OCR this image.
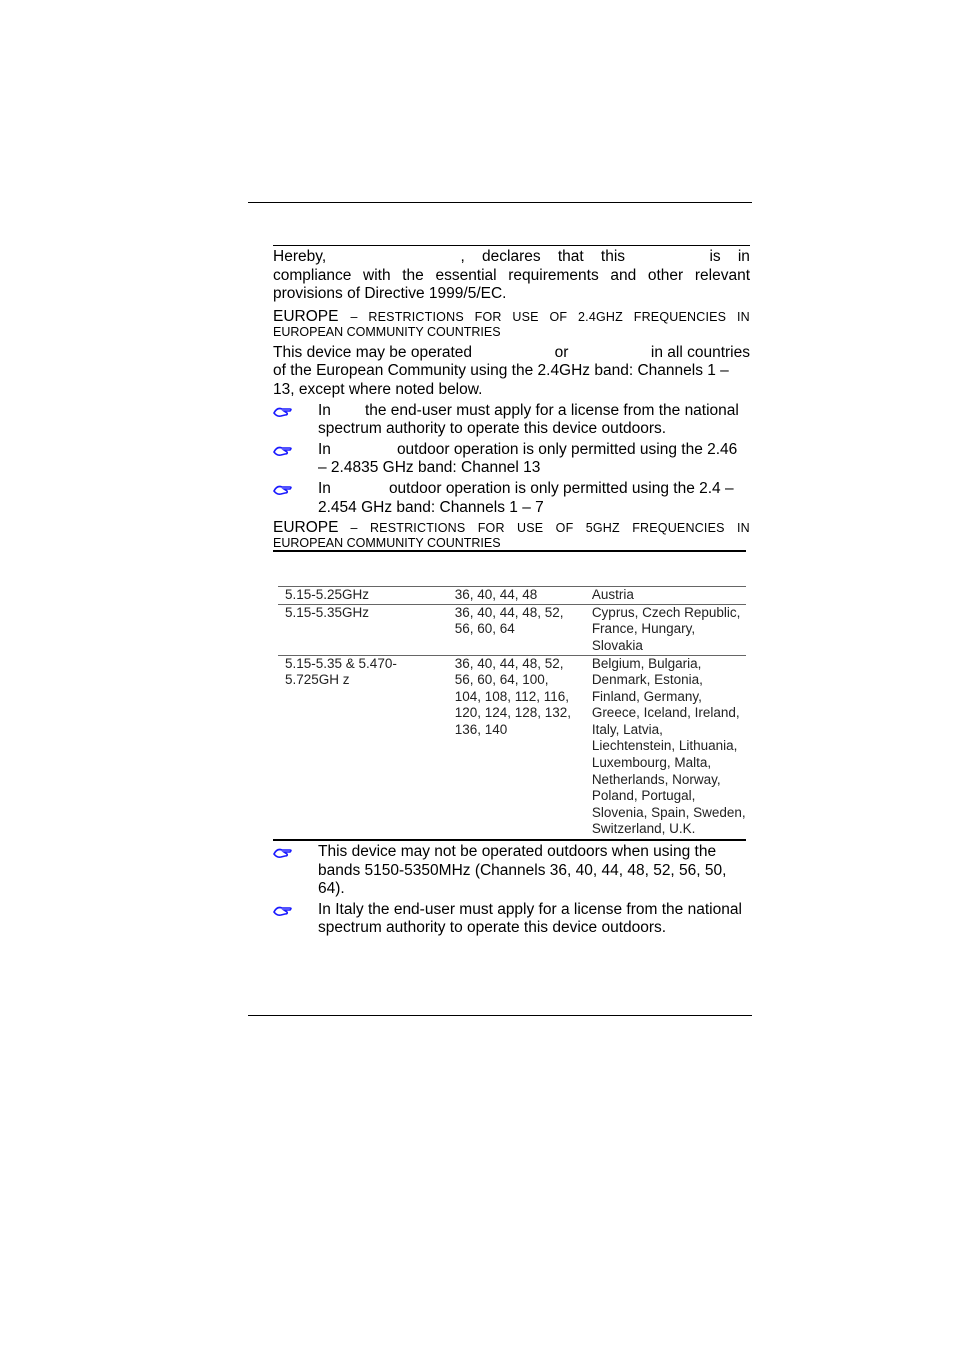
Hereby,	, declares that this	is in

compliance with the essential requirements and other relevant provisions of Directive 1999/5/EC.

EUROPE – RESTRICTIONS FOR USE OF 2.4GHZ FREQUENCIES IN
EUROPEAN COMMUNITY COUNTRIES
This device may be operated	or	in all countries

of the European Community using the 2.4GHz band: Channels 1 – 13, except where noted below.

In the end-user must apply for a license from the national spectrum authority to operate this device outdoors.

In	outdoor operation is only permitted using the 2.46 – 2.4835 GHz band: Channel 13

In	outdoor operation is only permitted using the 2.4 – 2.454 GHz band: Channels 1 – 7

EUROPE – RESTRICTIONS FOR USE OF 5GHZ FREQUENCIES IN
EUROPEAN COMMUNITY COUNTRIES
5.15-5.25GHz	36, 40, 44, 48	Austria
5.15-5.35GHz	36, 40, 44, 48, 52, 56, 60, 64	Cyprus, Czech Republic, France, Hungary, Slovakia
5.15-5.35 & 5.470-5.725GH z	36, 40, 44, 48, 52, 56, 60, 64, 100, 104, 108, 112, 116, 120, 124, 128, 132, 136, 140	Belgium, Bulgaria, Denmark, Estonia, Finland, Germany, Greece, Iceland, Ireland, Italy, Latvia, Liechtenstein, Lithuania, Luxembourg, Malta, Netherlands, Norway, Poland, Portugal, Slovenia, Spain, Sweden, Switzerland, U.K.

This device may not be operated outdoors when using the bands 5150-5350MHz (Channels 36, 40, 44, 48, 52, 56, 50, 64).

In Italy the end-user must apply for a license from the national spectrum authority to operate this device outdoors.
